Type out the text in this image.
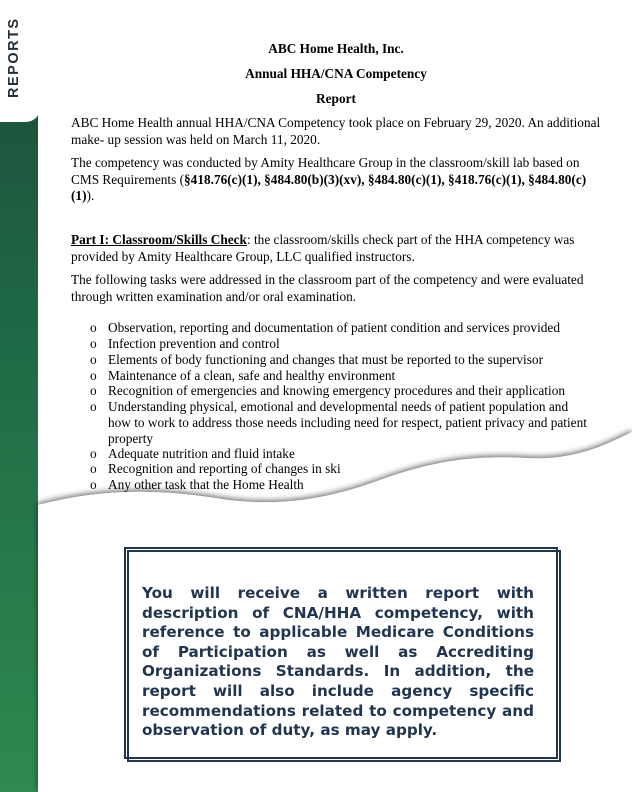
REPORTS	ABC Home Health, Inc.
Annual HHA/CNA Competency
Report
ABC Home Health annual HHA/CNA Competency took place on February 29, 2020. An additional make- up session was held on March 11, 2020.
The competency was conducted by Amity Healthcare Group in the classroom/skill lab based on CMS Requirements (§418.76(c)(1), §484.80(b)(3)(xv), §484.80(c)(1), §418.76(c)(1), §484.80(c)(1)).
Part I: Classroom/Skills Check: the classroom/skills check part of the HHA competency was provided by Amity Healthcare Group, LLC qualified instructors.
The following tasks were addressed in the classroom part of the competency and were evaluated through written examination and/or oral examination.
o Observation, reporting and documentation of patient condition and services provided
o Infection prevention and control
o Elements of body functioning and changes that must be reported to the supervisor
o Maintenance of a clean, safe and healthy environment
o Recognition of emergencies and knowing emergency procedures and their application
o Understanding physical, emotional and developmental needs of patient population and how to work to address those needs including need for respect, patient privacy and patient property
o Adequate nutrition and fluid intake
o Recognition and reporting of changes in ski
o Any other task that the Home Health
You will receive a written report with description of CNA/HHA competency, with reference to applicable Medicare Conditions of Participation as well as Accrediting Organizations Standards. In addition, the report will also include agency specific recommendations related to competency and observation of duty, as may apply.
